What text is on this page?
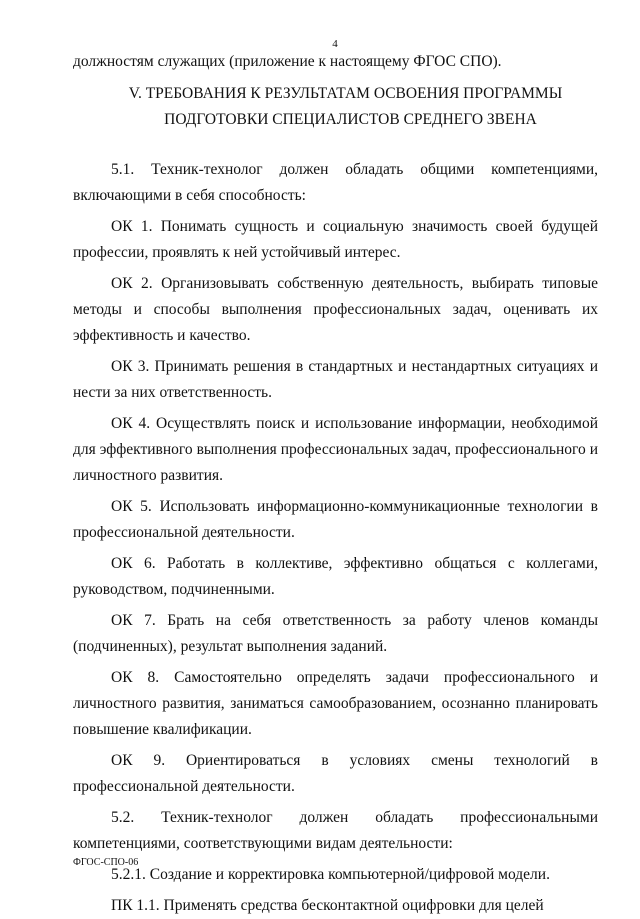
4

должностям служащих (приложение к настоящему ФГОС СПО).

V. ТРЕБОВАНИЯ К РЕЗУЛЬТАТАМ ОСВОЕНИЯ ПРОГРАММЫ
ПОДГОТОВКИ СПЕЦИАЛИСТОВ СРЕДНЕГО ЗВЕНА

5.1. Техник-технолог должен обладать общими компетенциями, включающими в себя способность:

ОК 1. Понимать сущность и социальную значимость своей будущей профессии, проявлять к ней устойчивый интерес.

ОК 2. Организовывать собственную деятельность, выбирать типовые методы и способы выполнения профессиональных задач, оценивать их эффективность и качество.

ОК 3. Принимать решения в стандартных и нестандартных ситуациях и нести за них ответственность.

ОК 4. Осуществлять поиск и использование информации, необходимой для эффективного выполнения профессиональных задач, профессионального и личностного развития.

ОК 5. Использовать информационно-коммуникационные технологии в профессиональной деятельности.

ОК 6. Работать в коллективе, эффективно общаться с коллегами, руководством, подчиненными.

ОК 7. Брать на себя ответственность за работу членов команды (подчиненных), результат выполнения заданий.

ОК 8. Самостоятельно определять задачи профессионального и личностного развития, заниматься самообразованием, осознанно планировать повышение квалификации.

ОК 9. Ориентироваться в условиях смены технологий в профессиональной деятельности.

5.2. Техник-технолог должен обладать профессиональными компетенциями, соответствующими видам деятельности:

5.2.1. Создание и корректировка компьютерной/цифровой модели.

ПК 1.1. Применять средства бесконтактной оцифровки для целей

ФГОС-СПО-06
